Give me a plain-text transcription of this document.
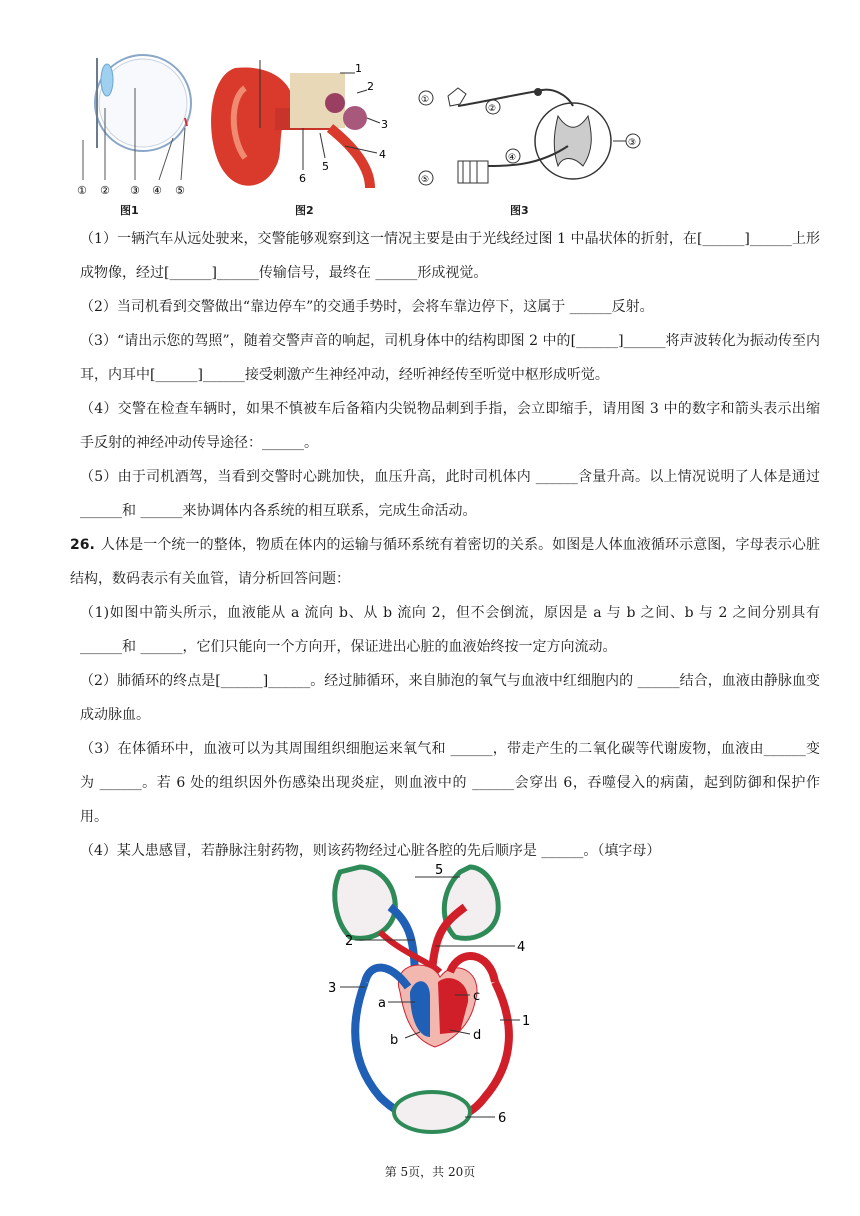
① ② ③ ④ ⑤
图1
1
2
3
4
5
6
图2
①
②
③
④
⑤
图3
（1）一辆汽车从远处驶来，交警能够观察到这一情况主要是由于光线经过图 1 中晶状体的折射，在[______]______上形成物像，经过[______]______传输信号，最终在 ______形成视觉。
（2）当司机看到交警做出“靠边停车”的交通手势时，会将车靠边停下，这属于 ______反射。
（3）“请出示您的驾照”，随着交警声音的响起，司机身体中的结构即图 2 中的[______]______将声波转化为振动传至内耳，内耳中[______]______接受刺激产生神经冲动，经听神经传至听觉中枢形成听觉。
（4）交警在检查车辆时，如果不慎被车后备箱内尖锐物品刺到手指，会立即缩手，请用图 3 中的数字和箭头表示出缩手反射的神经冲动传导途径：______。
（5）由于司机酒驾，当看到交警时心跳加快，血压升高，此时司机体内 ______含量升高。以上情况说明了人体是通过 ______和 ______来协调体内各系统的相互联系，完成生命活动。
26. 人体是一个统一的整体，物质在体内的运输与循环系统有着密切的关系。如图是人体血液循环示意图，字母表示心脏结构，数码表示有关血管，请分析回答问题：
（1)如图中箭头所示，血液能从 a 流向 b、从 b 流向 2，但不会倒流，原因是 a 与 b 之间、b 与 2 之间分别具有 ______和 ______，它们只能向一个方向开，保证进出心脏的血液始终按一定方向流动。
（2）肺循环的终点是[______]______。经过肺循环，来自肺泡的氧气与血液中红细胞内的 ______结合，血液由静脉血变成动脉血。
（3）在体循环中，血液可以为其周围组织细胞运来氧气和 ______，带走产生的二氧化碳等代谢废物，血液由______变为 ______。若 6 处的组织因外伤感染出现炎症，则血液中的 ______会穿出 6，吞噬侵入的病菌，起到防御和保护作用。
（4）某人患感冒，若静脉注射药物，则该药物经过心脏各腔的先后顺序是 ______。（填字母）
5
2	4
3
a	c
1
b	d
6
第 5页，共 20页
